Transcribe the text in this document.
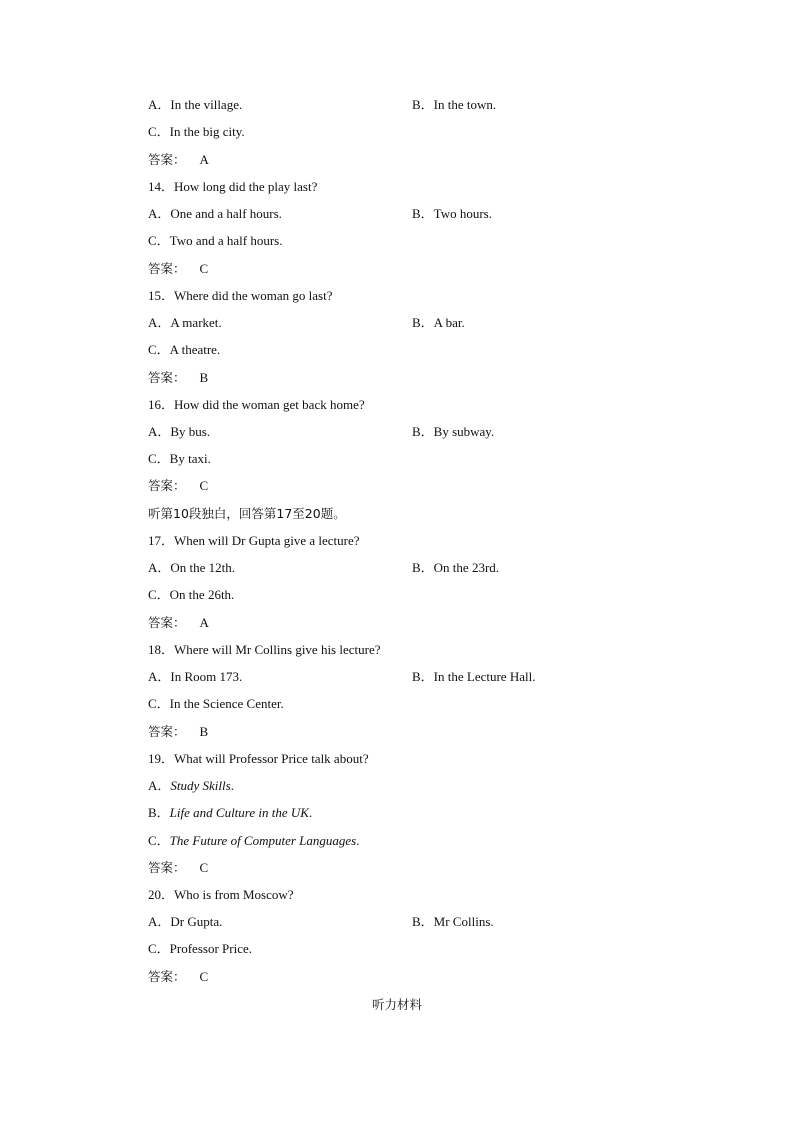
A．In the village.	B．In the town.
C．In the big city.
答案： A
14．How long did the play last?
A．One and a half hours.	B．Two hours.
C．Two and a half hours.
答案： C
15．Where did the woman go last?
A．A market.	B．A bar.
C．A theatre.
答案： B
16．How did the woman get back home?
A．By bus.	B．By subway.
C．By taxi.
答案： C
听第10段独白，回答第17至20题。
17．When will Dr Gupta give a lecture?
A．On the 12th.	B．On the 23rd.
C．On the 26th.
答案： A
18．Where will Mr Collins give his lecture?
A．In Room 173.	B．In the Lecture Hall.
C．In the Science Center.
答案： B
19．What will Professor Price talk about?
A．Study Skills.
B．Life and Culture in the UK.
C．The Future of Computer Languages.
答案： C
20．Who is from Moscow?
A．Dr Gupta.	B．Mr Collins.
C．Professor Price.
答案： C
听力材料
